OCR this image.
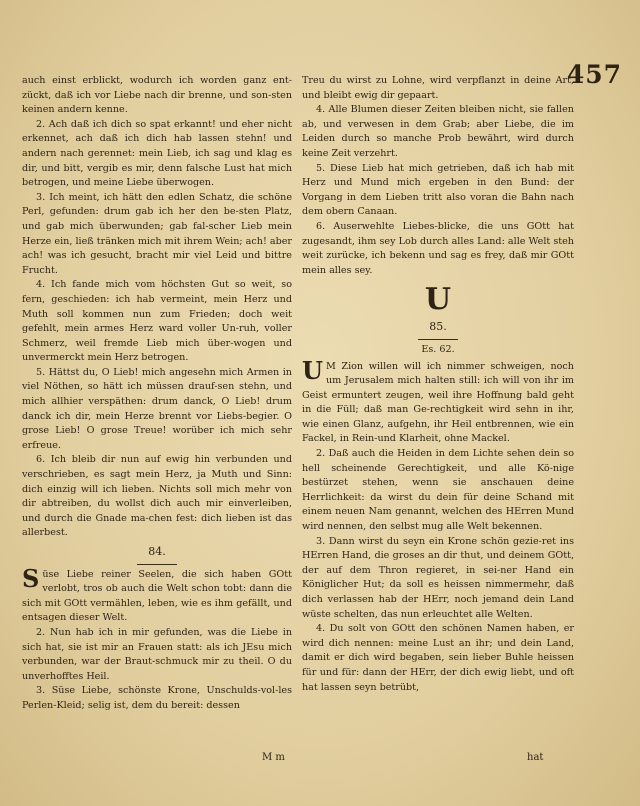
457

auch einst erblickt, wodurch ich worden ganz ent-zückt, daß ich vor Liebe nach dir brenne, und son-sten keinen andern kenne.

2. Ach daß ich dich so spat erkannt! und eher nicht erkennet, ach daß ich dich hab lassen stehn! und andern nach gerennet: mein Lieb, ich sag und klag es dir, und bitt, vergib es mir, denn falsche Lust hat mich betrogen, und meine Liebe überwogen.

3. Ich meint, ich hätt den edlen Schatz, die schöne Perl, gefunden: drum gab ich her den be-sten Platz, und gab mich überwunden; gab fal-scher Lieb mein Herze ein, ließ tränken mich mit ihrem Wein; ach! aber ach! was ich gesucht, bracht mir viel Leid und bittre Frucht.

4. Ich fande mich vom höchsten Gut so weit, so fern, geschieden: ich hab vermeint, mein Herz und Muth soll kommen nun zum Frieden; doch weit gefehlt, mein armes Herz ward voller Un-ruh, voller Schmerz, weil fremde Lieb mich über-wogen und unvermerckt mein Herz betrogen.

5. Hättst du, O Lieb! mich angesehn mich Armen in viel Nöthen, so hätt ich müssen drauf-sen stehn, und mich allhier verspäthen: drum danck, O Lieb! drum danck ich dir, mein Herze brennt vor Liebs-begier. O grose Lieb! O grose Treue! worüber ich mich sehr erfreue.

6. Ich bleib dir nun auf ewig hin verbunden und verschrieben, es sagt mein Herz, ja Muth und Sinn: dich einzig will ich lieben. Nichts soll mich mehr von dir abtreiben, du wollst dich auch mir einverleiben, und durch die Gnade ma-chen fest: dich lieben ist das allerbest.

84.

Süse Liebe reiner Seelen, die sich haben GOtt verlobt, tros ob auch die Welt schon tobt: dann die sich mit GOtt vermählen, leben, wie es ihm gefällt, und entsagen dieser Welt.

2. Nun hab ich in mir gefunden, was die Liebe in sich hat, sie ist mir an Frauen statt: als ich JEsu mich verbunden, war der Braut-schmuck mir zu theil. O du unverhofftes Heil.

3. Süse Liebe, schönste Krone, Unschulds-vol-les Perlen-Kleid; selig ist, dem du bereit: dessen

Treu du wirst zu Lohne, wird verpflanzt in deine Art, und bleibt ewig dir gepaart.

4. Alle Blumen dieser Zeiten bleiben nicht, sie fallen ab, und verwesen in dem Grab; aber Liebe, die im Leiden durch so manche Prob bewährt, wird durch keine Zeit verzehrt.

5. Diese Lieb hat mich getrieben, daß ich hab mit Herz und Mund mich ergeben in den Bund: der Vorgang in dem Lieben tritt also voran die Bahn nach dem obern Canaan.

6. Auserwehlte Liebes-blicke, die uns GOtt hat zugesandt, ihm sey Lob durch alles Land: alle Welt steh weit zurücke, ich bekenn und sag es frey, daß mir GOtt mein alles sey.

U
85.
Es. 62.

U M Zion willen will ich nimmer schweigen, noch um Jerusalem mich halten still: ich will von ihr im Geist ermuntert zeugen, weil ihre Hoffnung bald geht in die Füll; daß man Ge-rechtigkeit wird sehn in ihr, wie einen Glanz, aufgehn, ihr Heil entbrennen, wie ein Fackel, in Rein-und Klarheit, ohne Mackel.

2. Daß auch die Heiden in dem Lichte sehen dein so hell scheinende Gerechtigkeit, und alle Kö-nige bestürzet stehen, wenn sie anschauen deine Herrlichkeit: da wirst du dein für deine Schand mit einem neuen Nam genannt, welchen des HErren Mund wird nennen, den selbst mug alle Welt bekennen.

3. Dann wirst du seyn ein Krone schön gezie-ret ins HErren Hand, die groses an dir thut, und deinem GOtt, der auf dem Thron regieret, in sei-ner Hand ein Königlicher Hut; da soll es heissen nimmermehr, daß dich verlassen hab der HErr, noch jemand dein Land wüste schelten, das nun erleuchtet alle Welten.

4. Du solt von GOtt den schönen Namen haben, er wird dich nennen: meine Lust an ihr; und dein Land, damit er dich wird begaben, sein lieber Buhle heissen für und für: dann der HErr, der dich ewig liebt, und oft hat lassen seyn betrübt,

M m	hat
